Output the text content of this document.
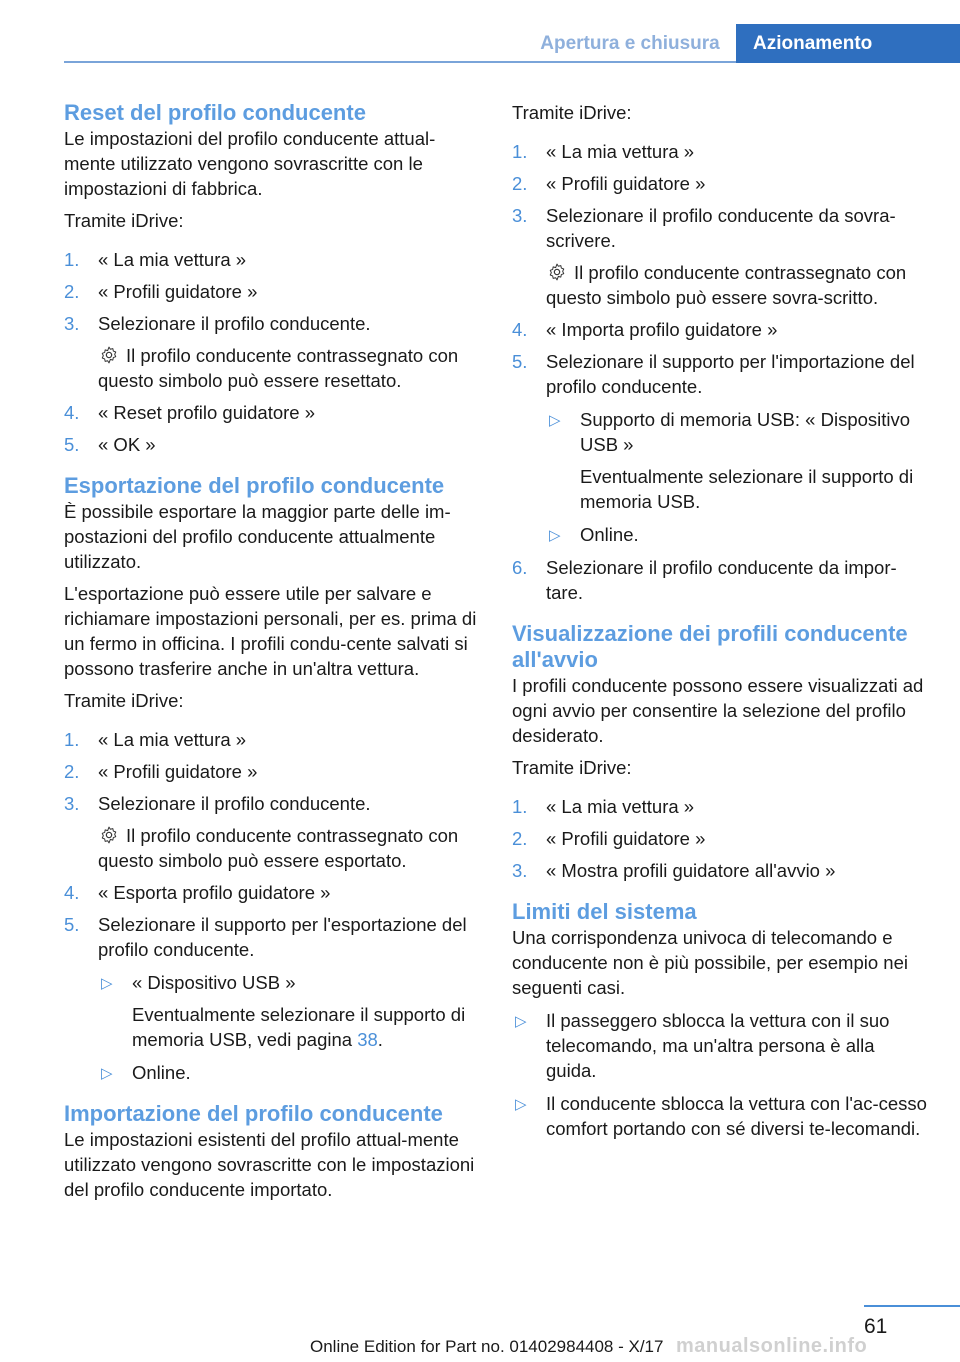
Apertura e chiusura	Azionamento
Reset del profilo conducente

Le impostazioni del profilo conducente attual-mente utilizzato vengono sovrascritte con le impostazioni di fabbrica.

Tramite iDrive:

1. « La mia vettura »
2. « Profili guidatore »
3. Selezionare il profilo conducente.
Il profilo conducente contrassegnato con questo simbolo può essere resettato.
4. « Reset profilo guidatore »
5. « OK »
Esportazione del profilo conducente

È possibile esportare la maggior parte delle im-postazioni del profilo conducente attualmente utilizzato.

L'esportazione può essere utile per salvare e richiamare impostazioni personali, per es. prima di un fermo in officina. I profili condu-cente salvati si possono trasferire anche in un'altra vettura.

Tramite iDrive:

1. « La mia vettura »
2. « Profili guidatore »
3. Selezionare il profilo conducente.
Il profilo conducente contrassegnato con questo simbolo può essere esportato.
4. « Esporta profilo guidatore »
5. Selezionare il supporto per l'esportazione del profilo conducente.
▷ « Dispositivo USB »
Eventualmente selezionare il supporto di memoria USB, vedi pagina 38.
▷ Online.
Importazione del profilo conducente

Le impostazioni esistenti del profilo attual-mente utilizzato vengono sovrascritte con le impostazioni del profilo conducente importato.

Tramite iDrive:

1. « La mia vettura »
2. « Profili guidatore »
3. Selezionare il profilo conducente da sovra-scrivere.
Il profilo conducente contrassegnato con questo simbolo può essere sovra-scritto.
4. « Importa profilo guidatore »
5. Selezionare il supporto per l'importazione del profilo conducente.
▷ Supporto di memoria USB: « Dispositivo USB »
Eventualmente selezionare il supporto di memoria USB.
▷ Online.
6. Selezionare il profilo conducente da impor-tare.
Visualizzazione dei profili conducente all'avvio

I profili conducente possono essere visualizzati ad ogni avvio per consentire la selezione del profilo desiderato.

Tramite iDrive:

1. « La mia vettura »
2. « Profili guidatore »
3. « Mostra profili guidatore all'avvio »
Limiti del sistema

Una corrispondenza univoca di telecomando e conducente non è più possibile, per esempio nei seguenti casi.

▷ Il passeggero sblocca la vettura con il suo telecomando, ma un'altra persona è alla guida.
▷ Il conducente sblocca la vettura con l'ac-cesso comfort portando con sé diversi te-lecomandi.
61
Online Edition for Part no. 01402984408 - X/17 manualsonline.info
